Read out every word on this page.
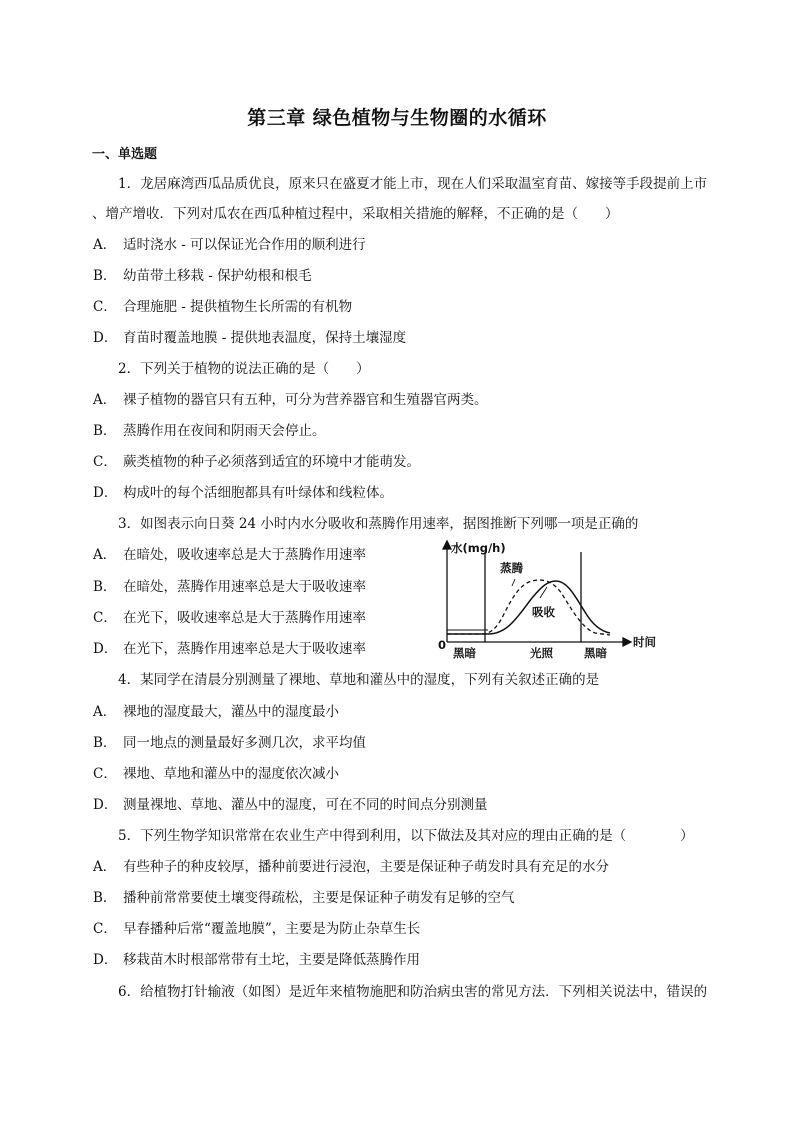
第三章 绿色植物与生物圈的水循环
一、单选题
1．龙居麻湾西瓜品质优良，原来只在盛夏才能上市，现在人们采取温室育苗、嫁接等手段提前上市
、增产增收．下列对瓜农在西瓜种植过程中，采取相关措施的解释，不正确的是（　　）
A． 适时浇水 - 可以保证光合作用的顺利进行
B． 幼苗带土移栽 - 保护幼根和根毛
C． 合理施肥 - 提供植物生长所需的有机物
D． 育苗时覆盖地膜 - 提供地表温度，保持土壤湿度
2．下列关于植物的说法正确的是（　　）
A． 裸子植物的器官只有五种，可分为营养器官和生殖器官两类。
B． 蒸腾作用在夜间和阴雨天会停止。
C． 蕨类植物的种子必须落到适宜的环境中才能萌发。
D． 构成叶的每个活细胞都具有叶绿体和线粒体。
3．如图表示向日葵 24 小时内水分吸收和蒸腾作用速率，据图推断下列哪一项是正确的
A． 在暗处，吸收速率总是大于蒸腾作用速率
B． 在暗处，蒸腾作用速率总是大于吸收速率
C． 在光下，吸收速率总是大于蒸腾作用速率
D． 在光下，蒸腾作用速率总是大于吸收速率
水(mg/h)
时间
0
蒸腾
吸收
黑暗	光照	黑暗
4．某同学在清晨分别测量了裸地、草地和灌丛中的湿度，下列有关叙述正确的是
A． 裸地的湿度最大，灌丛中的湿度最小
B． 同一地点的测量最好多测几次，求平均值
C． 裸地、草地和灌丛中的湿度依次减小
D． 测量裸地、草地、灌丛中的湿度，可在不同的时间点分别测量
5．下列生物学知识常常在农业生产中得到利用，以下做法及其对应的理由正确的是（　　　　）
A． 有些种子的种皮较厚，播种前要进行浸泡，主要是保证种子萌发时具有充足的水分
B． 播种前常常要使土壤变得疏松，主要是保证种子萌发有足够的空气
C． 早春播种后常“覆盖地膜”，主要是为防止杂草生长
D． 移栽苗木时根部常带有土坨，主要是降低蒸腾作用
6．给植物打针输液（如图）是近年来植物施肥和防治病虫害的常见方法．下列相关说法中，错误的
